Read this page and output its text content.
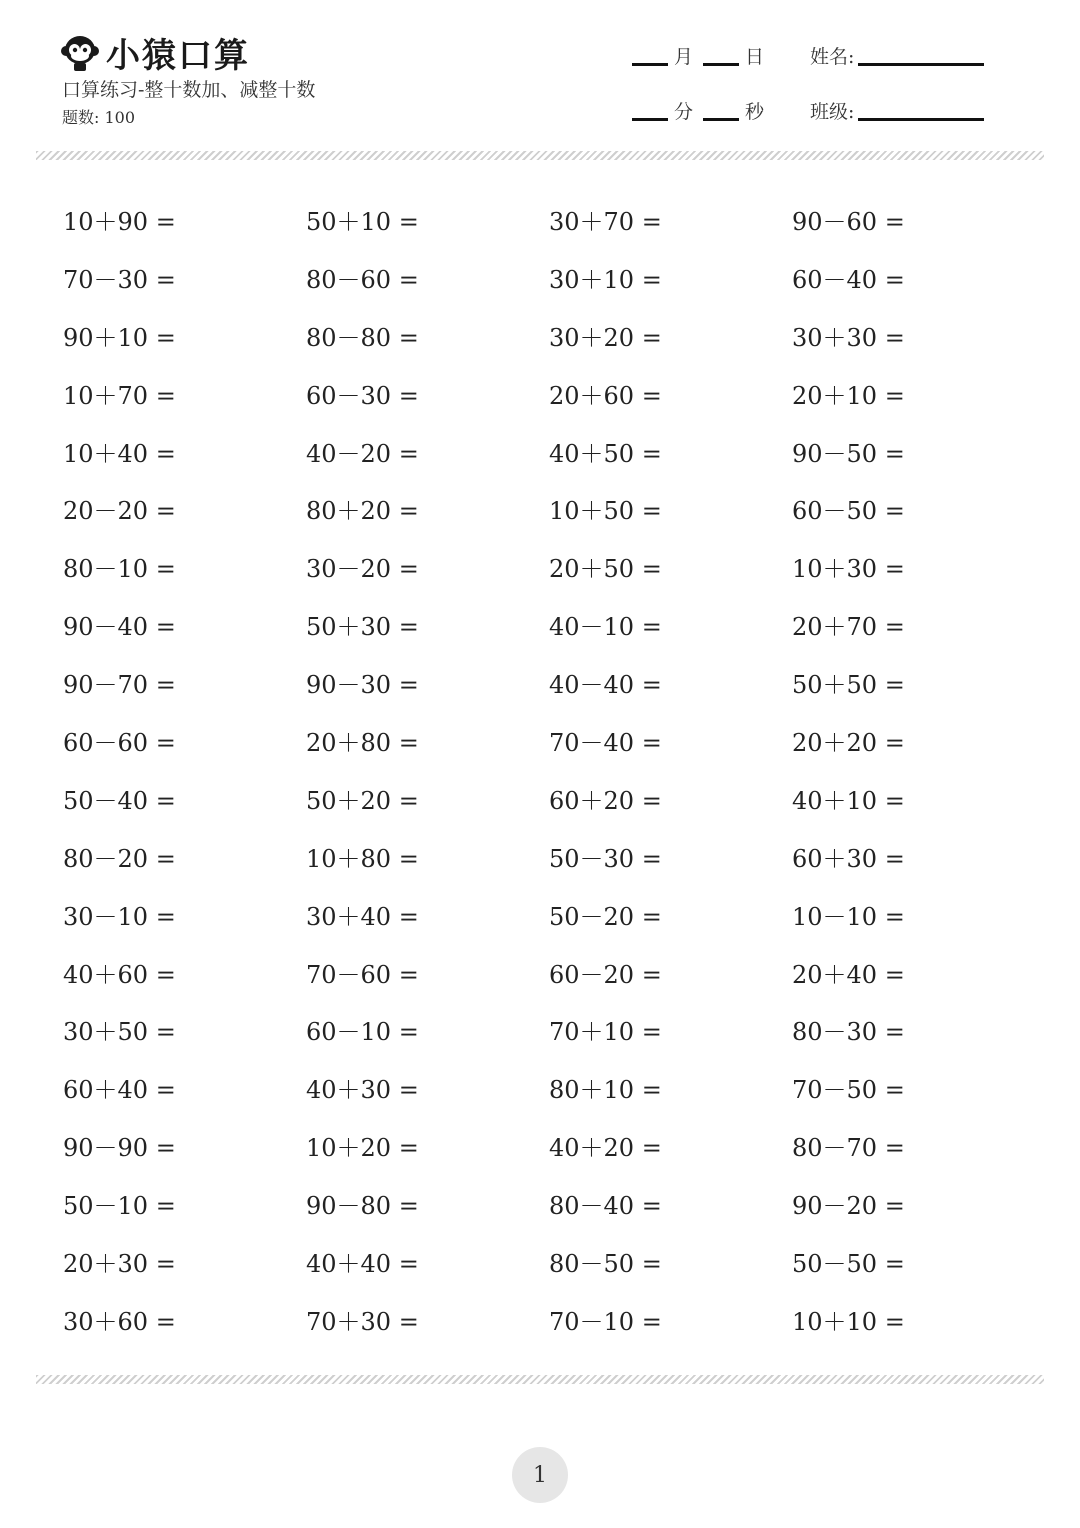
小猿口算
口算练习-整十数加、减整十数
题数: 100
月	日 姓名:
分	秒 班级:
10＋90 =	50＋10 =	30＋70 =	90－60 =
70－30 =	80－60 =	30＋10 =	60－40 =
90＋10 =	80－80 =	30＋20 =	30＋30 =
10＋70 =	60－30 =	20＋60 =	20＋10 =
10＋40 =	40－20 =	40＋50 =	90－50 =
20－20 =	80＋20 =	10＋50 =	60－50 =
80－10 =	30－20 =	20＋50 =	10＋30 =
90－40 =	50＋30 =	40－10 =	20＋70 =
90－70 =	90－30 =	40－40 =	50＋50 =
60－60 =	20＋80 =	70－40 =	20＋20 =
50－40 =	50＋20 =	60＋20 =	40＋10 =
80－20 =	10＋80 =	50－30 =	60＋30 =
30－10 =	30＋40 =	50－20 =	10－10 =
40＋60 =	70－60 =	60－20 =	20＋40 =
30＋50 =	60－10 =	70＋10 =	80－30 =
60＋40 =	40＋30 =	80＋10 =	70－50 =
90－90 =	10＋20 =	40＋20 =	80－70 =
50－10 =	90－80 =	80－40 =	90－20 =
20＋30 =	40＋40 =	80－50 =	50－50 =
30＋60 =	70＋30 =	70－10 =	10＋10 =
1
